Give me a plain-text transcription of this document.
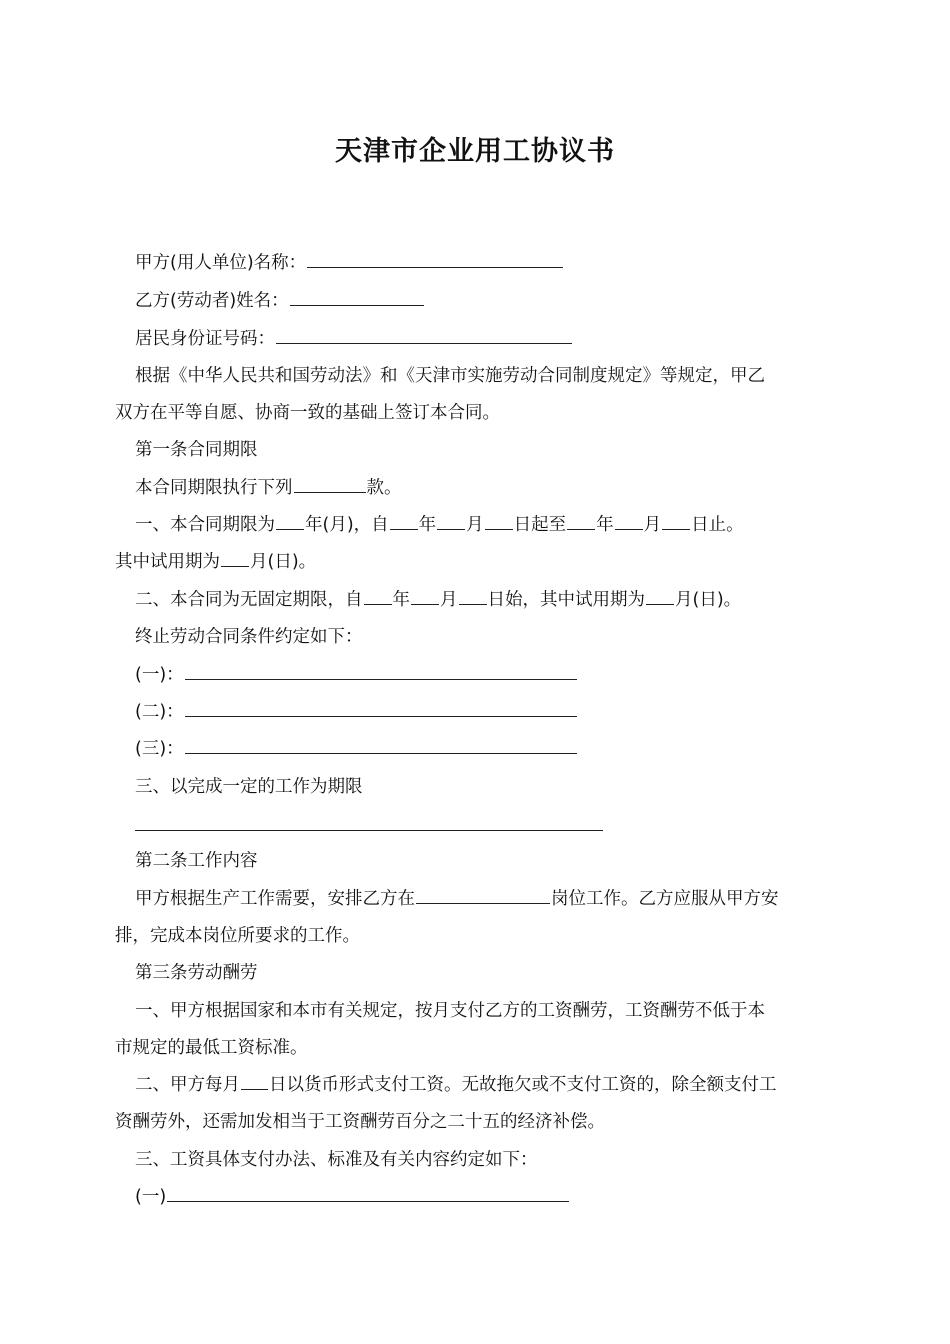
天津市企业用工协议书
甲方(用人单位)名称：
乙方(劳动者)姓名：
居民身份证号码：
根据《中华人民共和国劳动法》和《天津市实施劳动合同制度规定》等规定，甲乙
双方在平等自愿、协商一致的基础上签订本合同。
第一条合同期限
本合同期限执行下列	款。
一、本合同期限为 年(月)，自 年 月 日起至 年 月 日止。
其中试用期为 月(日)。
二、本合同为无固定期限，自 年 月 日始，其中试用期为 月(日)。
终止劳动合同条件约定如下：
(一)：
(二)：
(三)：
三、以完成一定的工作为期限
第二条工作内容
甲方根据生产工作需要，安排乙方在	岗位工作。乙方应服从甲方安
排，完成本岗位所要求的工作。
第三条劳动酬劳
一、甲方根据国家和本市有关规定，按月支付乙方的工资酬劳，工资酬劳不低于本
市规定的最低工资标准。
二、甲方每月 日以货币形式支付工资。无故拖欠或不支付工资的，除全额支付工
资酬劳外，还需加发相当于工资酬劳百分之二十五的经济补偿。
三、工资具体支付办法、标准及有关内容约定如下：
(一)
